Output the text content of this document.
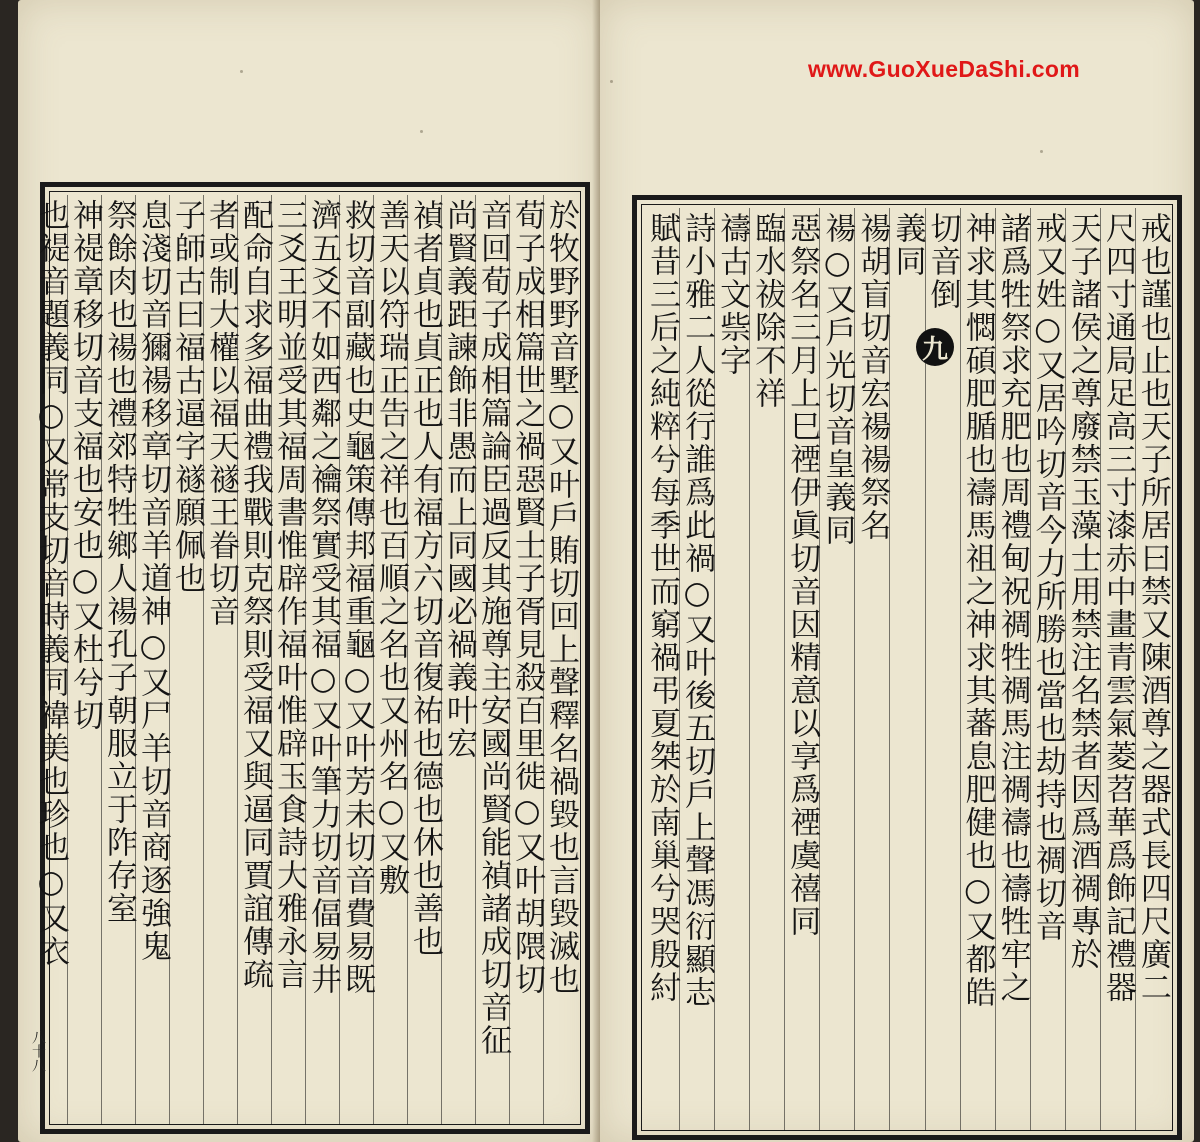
於牧野野音墅○又叶戶賄切回上聲釋名禍毀也言毀滅也
荀子成相篇世之禍惡賢士子胥見殺百里徙○又叶胡隈切
音回荀子成相篇論臣過反其施尊主安國尚賢能禎諸成切音征
尚賢義距諫飾非愚而上同國必禍義叶宏
禎者貞也貞正也人有福方六切音復祐也德也休也善也
善天以符瑞正告之祥也百順之名也又州名○又敷
救切音副藏也史龜策傳邦福重龜○又叶芳未切音費易既
濟五爻不如西鄰之禴祭實受其福○又叶筆力切音偪易井
三爻王明並受其福周書惟辟作福叶惟辟玉食詩大雅永言
配命自求多福曲禮我戰則克祭則受福又與逼同賈誼傳疏
者或制大權以福天禭王眷切音
子師古曰福古逼字禭願佩也
息淺切音獮禓移章切音羊道神○又尸羊切音商逐強鬼
祭餘肉也禓也禮郊特牲鄉人禓孔子朝服立于阼存室
神禔章移切音支福也安也○又杜兮切
也禔音題義同○又常支切音時義同禕美也珍也○又衣
八十八
戒也謹也止也天子所居曰禁又陳酒尊之器式長四尺廣二
尺四寸通局足高三寸漆赤中畫青雲氣菱苕華爲飾記禮器
天子諸侯之尊廢禁玉藻士用禁注名禁者因爲酒禂專於
戒又姓○又居吟切音今力所勝也當也劫持也禂切音
諸爲牲祭求充肥也周禮甸祝禂牲禂馬注禂禱也禱牲牢之
神求其㦖碩肥腯也禱馬祖之神求其蕃息肥健也○又都皓
切音倒
義同
禓胡盲切音宏禓禓祭名
禓○又戶光切音皇義同
惡祭名三月上巳禋伊眞切音因精意以享爲禋虞禧同
臨水祓除不祥
禱古文祡字
詩小雅二人從行誰爲此禍○又叶後五切戶上聲馮衍顯志
賦昔三后之純粹兮每季世而窮禍弔夏桀於南巢兮哭殷紂	九
www.GuoXueDaShi.com
